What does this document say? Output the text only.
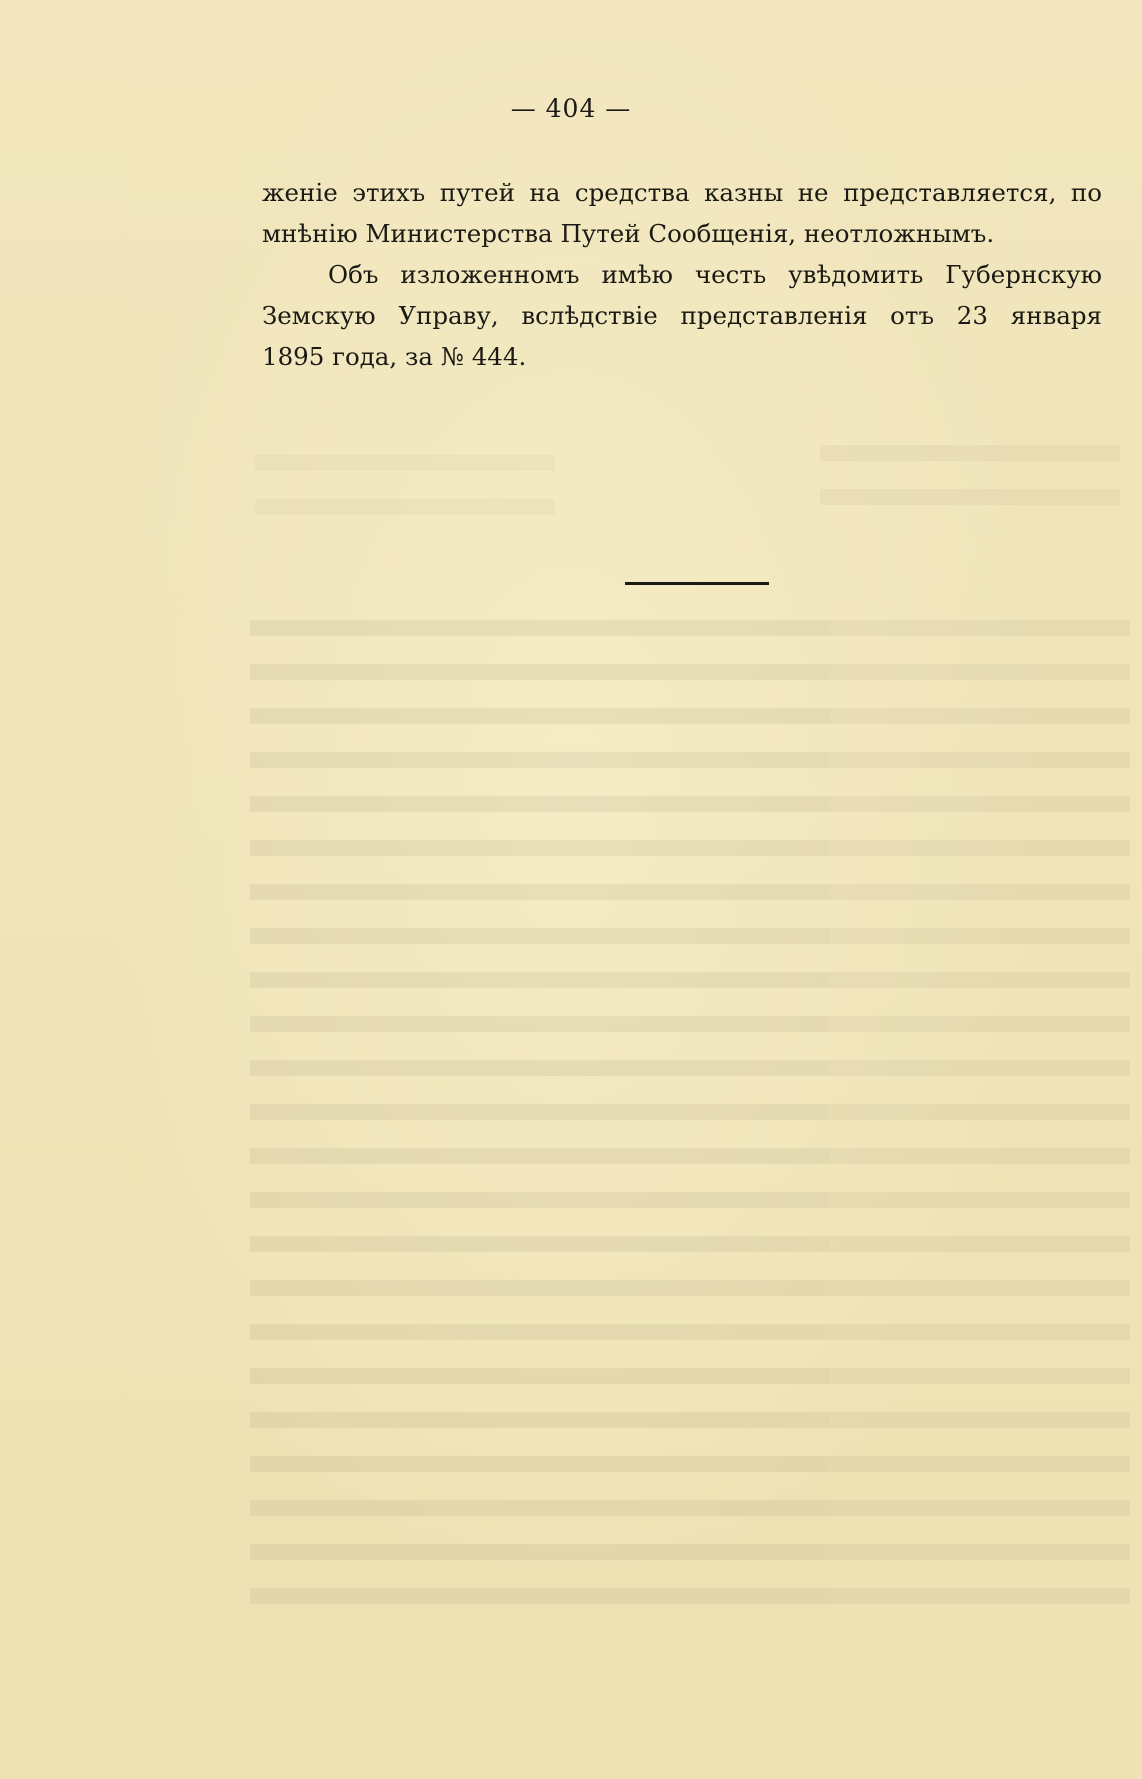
— 404 —
женіе этихъ путей на средства казны не представляется, по
мнѣнію Министерства Путей Сообщенія, неотложнымъ.
Объ изложенномъ имѣю честь увѣдомить Губернскую
Земскую Управу, вслѣдствіе представленія отъ 23 января
1895 года, за № 444.
